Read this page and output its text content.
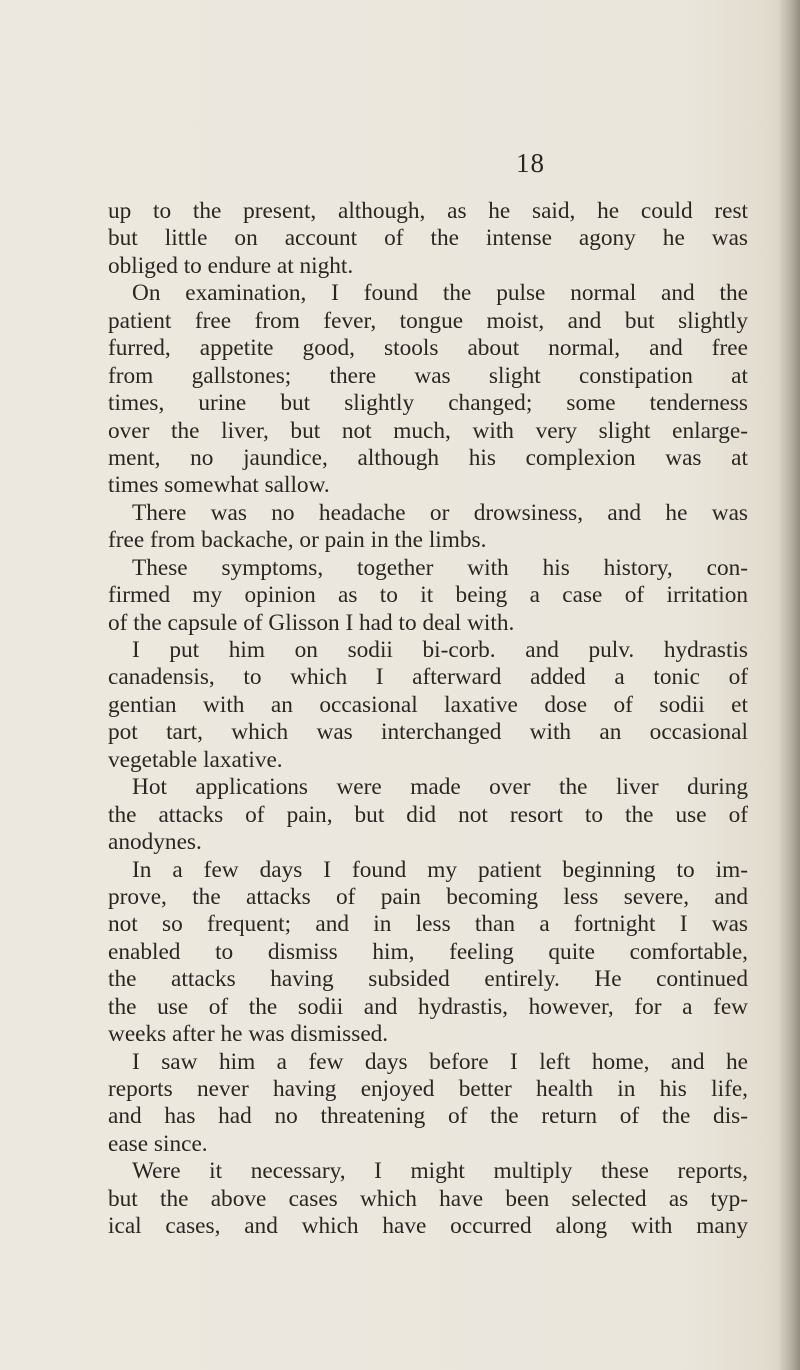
18
up to the present, although, as he said, he could rest
but little on account of the intense agony he was
obliged to endure at night.
On examination, I found the pulse normal and the
patient free from fever, tongue moist, and but slightly
furred, appetite good, stools about normal, and free
from gallstones; there was slight constipation at
times, urine but slightly changed; some tenderness
over the liver, but not much, with very slight enlarge-
ment, no jaundice, although his complexion was at
times somewhat sallow.
There was no headache or drowsiness, and he was
free from backache, or pain in the limbs.
These symptoms, together with his history, con-
firmed my opinion as to it being a case of irritation
of the capsule of Glisson I had to deal with.
I put him on sodii bi-corb. and pulv. hydrastis
canadensis, to which I afterward added a tonic of
gentian with an occasional laxative dose of sodii et
pot tart, which was interchanged with an occasional
vegetable laxative.
Hot applications were made over the liver during
the attacks of pain, but did not resort to the use of
anodynes.
In a few days I found my patient beginning to im-
prove, the attacks of pain becoming less severe, and
not so frequent; and in less than a fortnight I was
enabled to dismiss him, feeling quite comfortable,
the attacks having subsided entirely. He continued
the use of the sodii and hydrastis, however, for a few
weeks after he was dismissed.
I saw him a few days before I left home, and he
reports never having enjoyed better health in his life,
and has had no threatening of the return of the dis-
ease since.
Were it necessary, I might multiply these reports,
but the above cases which have been selected as typ-
ical cases, and which have occurred along with many
